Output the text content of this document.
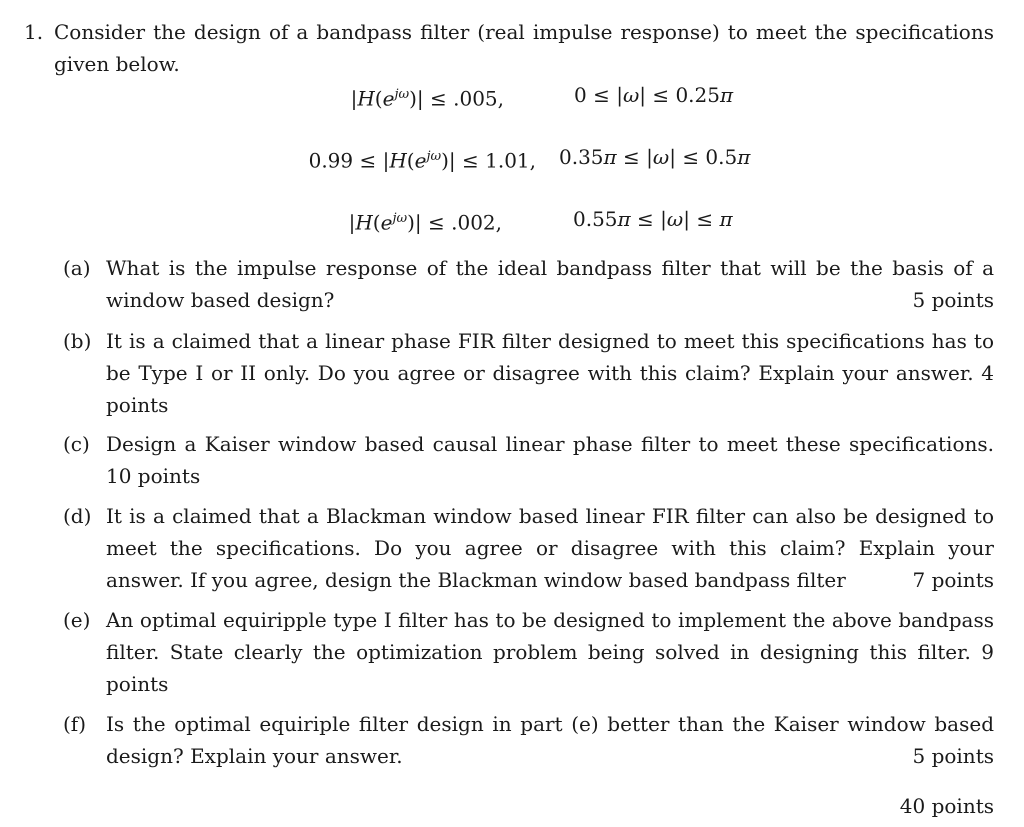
1. Consider the design of a bandpass filter (real impulse response) to meet the specifications given below.
$|H(e^{j\omega})| \le .005$,	0 ≤ |ω| ≤ 0.25π
$0.99 \le |H(e^{j\omega})| \le 1.01$, 0.35π ≤ |ω| ≤ 0.5π
$|H(e^{j\omega})| \le .002$,	0.55π ≤ |ω| ≤ π
(a) What is the impulse response of the ideal bandpass filter that will be the basis of a window based design?	5 points
(b) It is a claimed that a linear phase FIR filter designed to meet this specifications has to be Type I or II only. Do you agree or disagree with this claim? Explain your answer. 4 points
(c) Design a Kaiser window based causal linear phase filter to meet these specifications. 10 points
(d) It is a claimed that a Blackman window based linear FIR filter can also be designed to meet the specifications. Do you agree or disagree with this claim? Explain your answer. If you agree, design the Blackman window based bandpass filter	7 points
(e) An optimal equiripple type I filter has to be designed to implement the above bandpass filter. State clearly the optimization problem being solved in designing this filter. 9 points
(f) Is the optimal equiriple filter design in part (e) better than the Kaiser window based design? Explain your answer.	5 points
40 points
